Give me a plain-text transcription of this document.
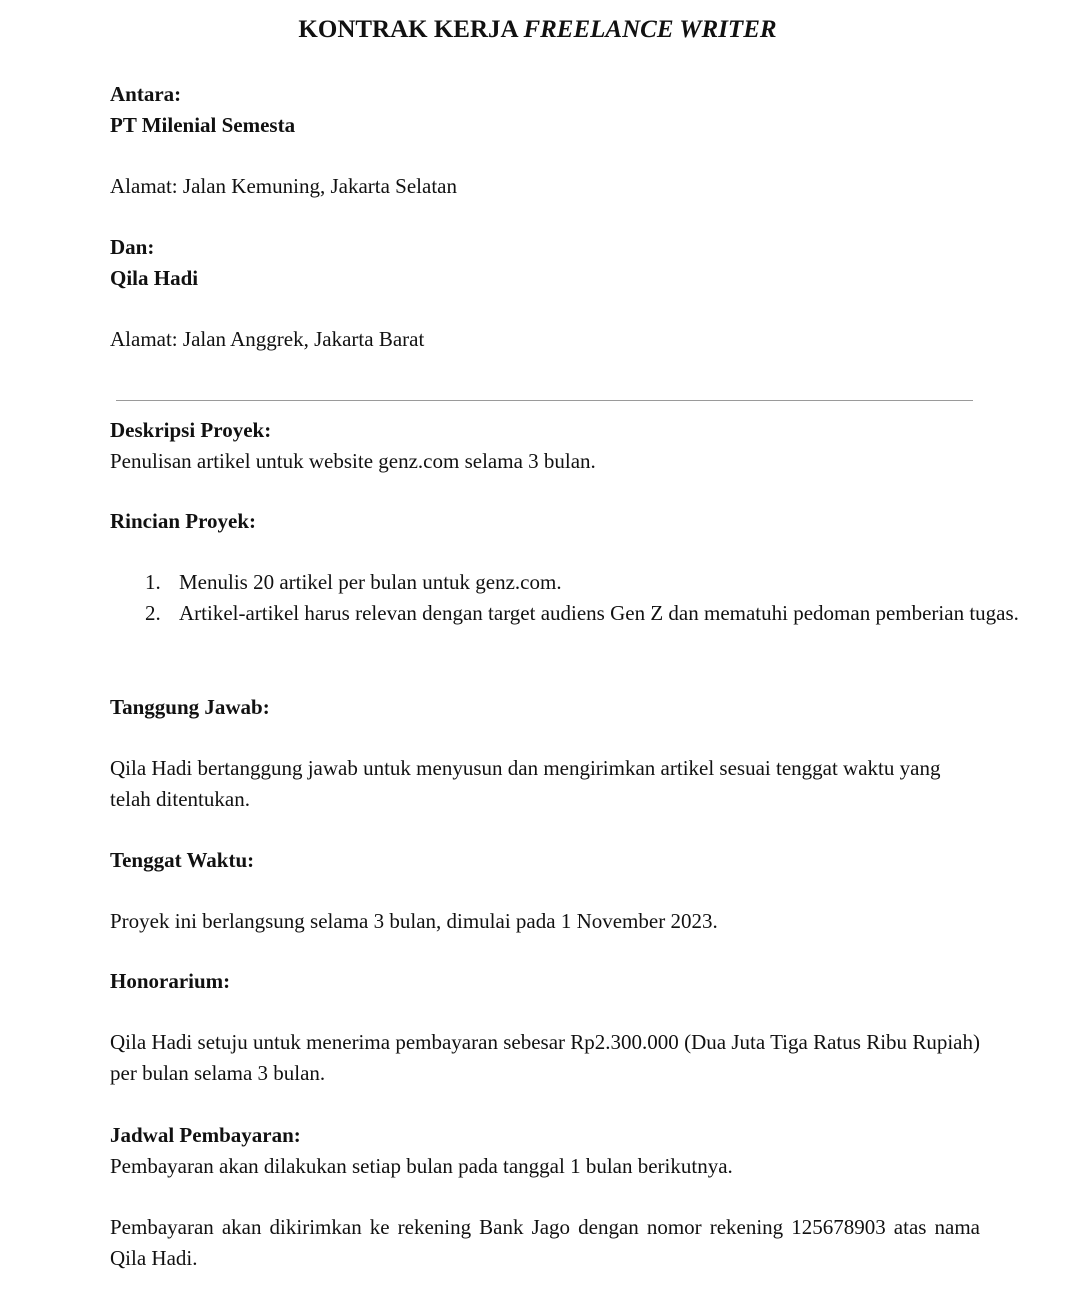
KONTRAK KERJA FREELANCE WRITER
Antara:
PT Milenial Semesta
Alamat: Jalan Kemuning, Jakarta Selatan
Dan:
Qila Hadi
Alamat: Jalan Anggrek, Jakarta Barat
Deskripsi Proyek:
Penulisan artikel untuk website genz.com selama 3 bulan.
Rincian Proyek:
1. Menulis 20 artikel per bulan untuk genz.com.
2. Artikel-artikel harus relevan dengan target audiens Gen Z dan mematuhi pedoman pemberian tugas.
Tanggung Jawab:
Qila Hadi bertanggung jawab untuk menyusun dan mengirimkan artikel sesuai tenggat waktu yang telah ditentukan.
Tenggat Waktu:
Proyek ini berlangsung selama 3 bulan, dimulai pada 1 November 2023.
Honorarium:
Qila Hadi setuju untuk menerima pembayaran sebesar Rp2.300.000 (Dua Juta Tiga Ratus Ribu Rupiah) per bulan selama 3 bulan.
Jadwal Pembayaran:
Pembayaran akan dilakukan setiap bulan pada tanggal 1 bulan berikutnya.
Pembayaran akan dikirimkan ke rekening Bank Jago dengan nomor rekening 125678903 atas nama Qila Hadi.
